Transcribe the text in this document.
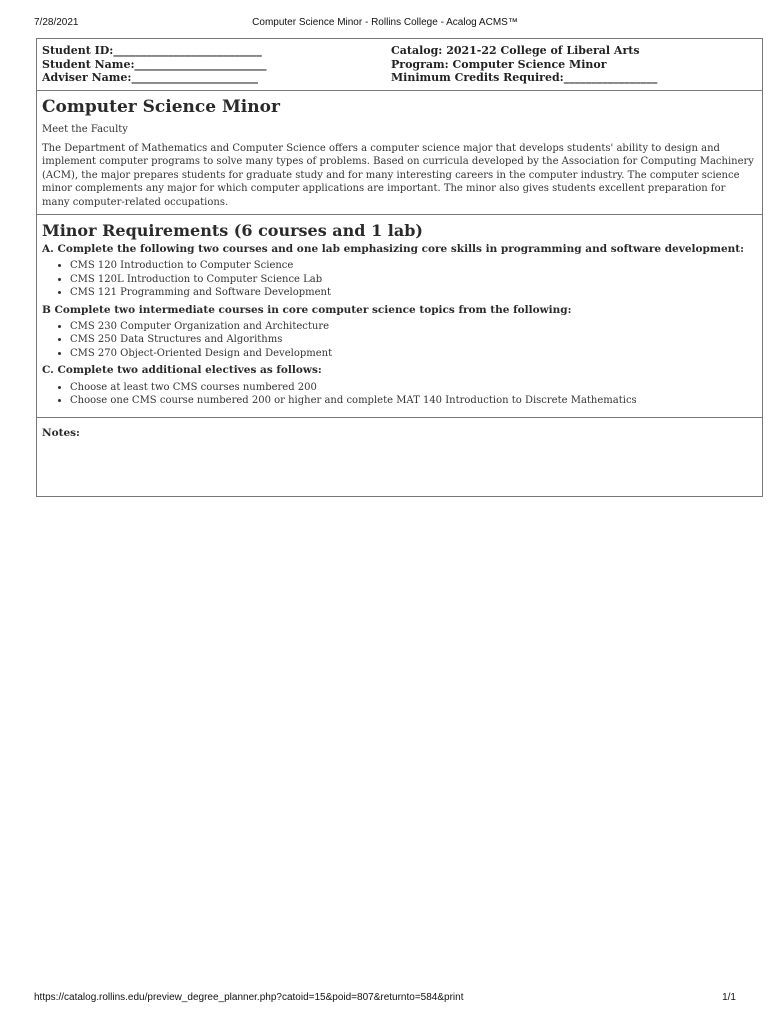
7/28/2021	Computer Science Minor - Rollins College - Acalog ACMS™
Student ID:___________________________
Student Name:________________________
Adviser Name:_______________________
Catalog: 2021-22 College of Liberal Arts
Program: Computer Science Minor
Minimum Credits Required:_________________
Computer Science Minor
Meet the Faculty

The Department of Mathematics and Computer Science offers a computer science major that develops students' ability to design and implement computer programs to solve many types of problems. Based on curricula developed by the Association for Computing Machinery (ACM), the major prepares students for graduate study and for many interesting careers in the computer industry. The computer science minor complements any major for which computer applications are important. The minor also gives students excellent preparation for many computer-related occupations.

Minor Requirements (6 courses and 1 lab)
A. Complete the following two courses and one lab emphasizing core skills in programming and software development:
• CMS 120 Introduction to Computer Science
• CMS 120L Introduction to Computer Science Lab
• CMS 121 Programming and Software Development
B Complete two intermediate courses in core computer science topics from the following:
• CMS 230 Computer Organization and Architecture
• CMS 250 Data Structures and Algorithms
• CMS 270 Object-Oriented Design and Development
C. Complete two additional electives as follows:
• Choose at least two CMS courses numbered 200
• Choose one CMS course numbered 200 or higher and complete MAT 140 Introduction to Discrete Mathematics
Notes:
https://catalog.rollins.edu/preview_degree_planner.php?catoid=15&poid=807&returnto=584&print	1/1
